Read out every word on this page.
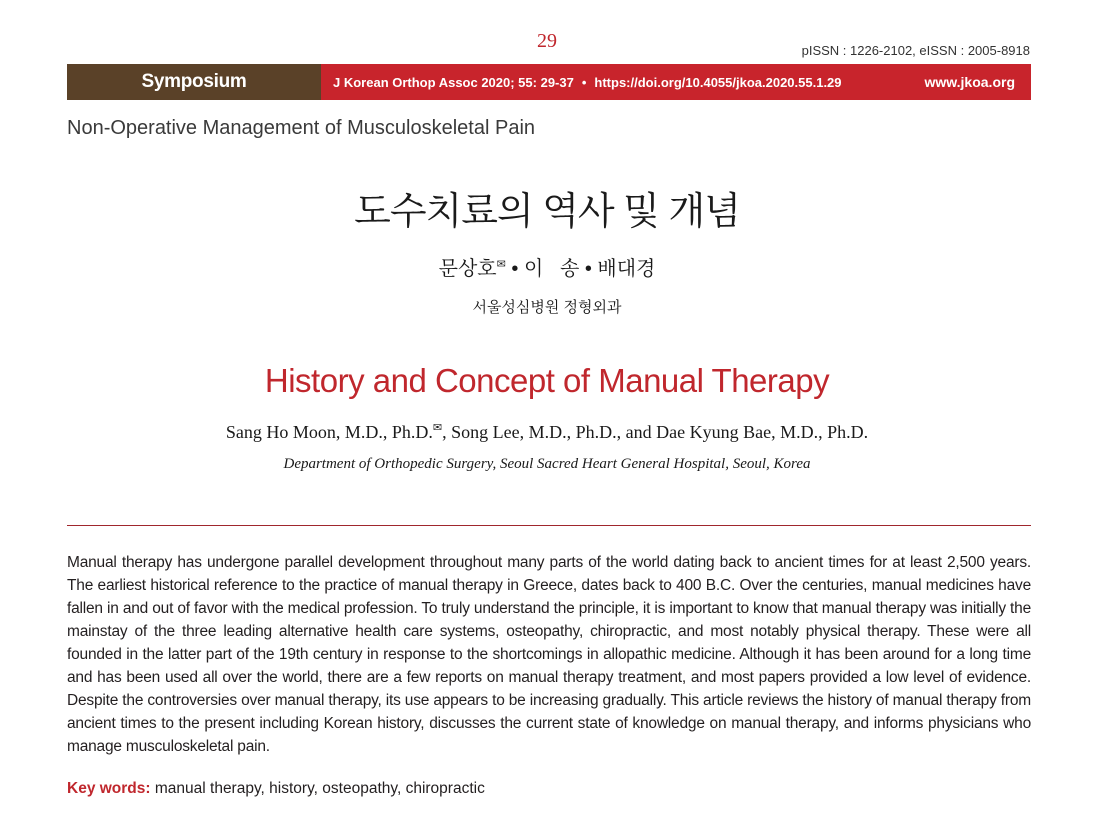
29	pISSN : 1226-2102, eISSN : 2005-8918
Symposium	J Korean Orthop Assoc 2020; 55: 29-37 • https://doi.org/10.4055/jkoa.2020.55.1.29	www.jkoa.org
Non-Operative Management of Musculoskeletal Pain
도수치료의 역사 및 개념
문상호✉ • 이   송 • 배대경
서울성심병원 정형외과
History and Concept of Manual Therapy
Sang Ho Moon, M.D., Ph.D.✉, Song Lee, M.D., Ph.D., and Dae Kyung Bae, M.D., Ph.D.
Department of Orthopedic Surgery, Seoul Sacred Heart General Hospital, Seoul, Korea
Manual therapy has undergone parallel development throughout many parts of the world dating back to ancient times for at least 2,500 years. The earliest historical reference to the practice of manual therapy in Greece, dates back to 400 B.C. Over the centuries, manual medicines have fallen in and out of favor with the medical profession. To truly understand the principle, it is important to know that manual therapy was initially the mainstay of the three leading alternative health care systems, osteopathy, chiropractic, and most notably physical therapy. These were all founded in the latter part of the 19th century in response to the shortcomings in allopathic medicine. Although it has been around for a long time and has been used all over the world, there are a few reports on manual therapy treatment, and most papers provided a low level of evidence. Despite the controversies over manual therapy, its use appears to be increasing gradually. This article reviews the history of manual therapy from ancient times to the present including Korean history, discusses the current state of knowledge on manual therapy, and informs physicians who manage musculoskeletal pain.
Key words: manual therapy, history, osteopathy, chiropractic
